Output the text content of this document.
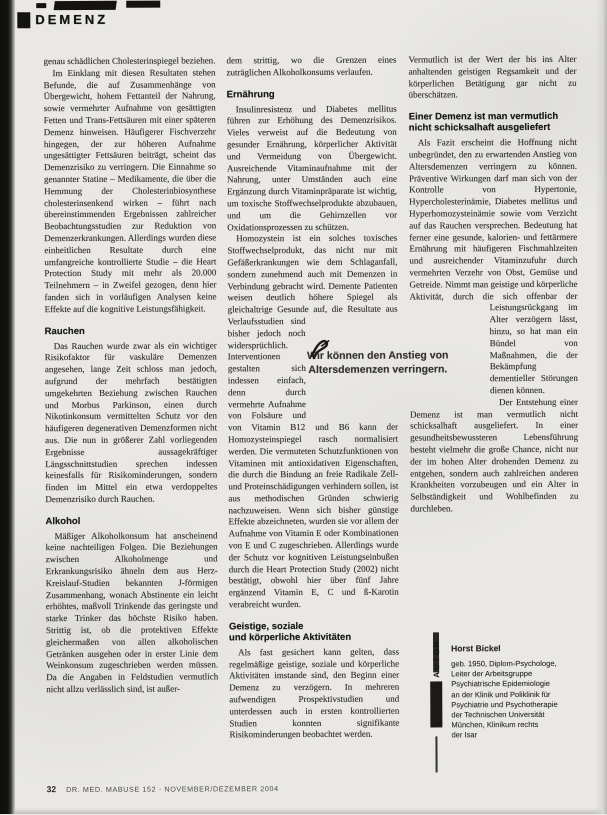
DEMENZ

genau schädlichen Cholesterinspiegel beziehen.

Im Einklang mit diesen Resultaten stehen Befunde, die auf Zusammenhänge von Übergewicht, hohem Fettanteil der Nahrung, sowie vermehrter Aufnahme von gesättigten Fetten und Trans-Fettsäuren mit einer späteren Demenz hinweisen. Häufigerer Fischverzehr hingegen, der zur höheren Aufnahme ungesättigter Fettsäuren beiträgt, scheint das Demenzrisiko zu verringern. Die Einnahme so genannter Statine – Medikamente, die über die Hemmung der Cholesterinbiosynthese cholesterinsenkend wirken – führt nach übereinstimmenden Ergebnissen zahlreicher Beobachtungsstudien zur Reduktion von Demenzerkrankungen. Allerdings wurden diese einheitlichen Resultate durch eine umfangreiche kontrollierte Studie – die Heart Protection Study mit mehr als 20.000 Teilnehmern – in Zweifel gezogen, denn hier fanden sich in vorläufigen Analysen keine Effekte auf die kognitive Leistungsfähigkeit.

Rauchen

Das Rauchen wurde zwar als ein wichtiger Risikofaktor für vaskuläre Demenzen angesehen, lange Zeit schloss man jedoch, aufgrund der mehrfach bestätigten umgekehrten Beziehung zwischen Rauchen und Morbus Parkinson, einen durch Nikotinkonsum vermittelten Schutz vor den häufigeren degenerativen Demenzformen nicht aus. Die nun in größerer Zahl vorliegenden Ergebnisse aussagekräftiger Längsschnittstudien sprechen indessen keinesfalls für Risikominderungen, sondern finden im Mittel ein etwa verdoppeltes Demenzrisiko durch Rauchen.

Alkohol

Mäßiger Alkoholkonsum hat anscheinend keine nachteiligen Folgen. Die Beziehungen zwischen Alkoholmenge und Erkrankungsrisiko ähneln dem aus Herz-Kreislauf-Studien bekannten J-förmigen Zusammenhang, wonach Abstinente ein leicht erhöhtes, maßvoll Trinkende das geringste und starke Trinker das höchste Risiko haben. Strittig ist, ob die protektiven Effekte gleichermaßen von allen alkoholischen Getränken ausgehen oder in erster Linie dem Weinkonsum zugeschrieben werden müssen. Da die Angaben in Feldstudien vermutlich nicht allzu verlässlich sind, ist außer-

dem strittig, wo die Grenzen eines zuträglichen Alkoholkonsums verlaufen.

Ernährung

Insulinresistenz und Diabetes mellitus führen zur Erhöhung des Demenzrisikos. Vieles verweist auf die Bedeutung von gesunder Ernährung, körperlicher Aktivität und Vermeidung von Übergewicht. Ausreichende Vitaminaufnahme mit der Nahrung, unter Umständen auch eine Ergänzung durch Vitaminpräparate ist wichtig, um toxische Stoffwechselprodukte abzubauen, und um die Gehirnzellen vor Oxidationsprozessen zu schützen.

Homozystein ist ein solches toxisches Stoffwechselprodukt, das nicht nur mit Gefäßerkrankungen wie dem Schlaganfall, sondern zunehmend auch mit Demenzen in Verbindung gebracht wird. Demente Patienten weisen deutlich höhere Spiegel als gleichaltrige Gesunde auf, die Resultate aus Verlaufsstudien sind bisher jedoch noch widersprüchlich. Interventionen gestalten sich indessen einfach, denn durch vermehrte Aufnahme von Folsäure und von Vitamin B12 und B6 kann der Homozysteinspiegel rasch normalisiert werden. Die vermuteten Schutzfunktionen von Vitaminen mit antioxidativen Eigenschaften, die durch die Bindung an freie Radikale Zell- und Proteinschädigungen verhindern sollen, ist aus methodischen Gründen schwierig nachzuweisen. Wenn sich bisher günstige Effekte abzeichneten, wurden sie vor allem der Aufnahme von Vitamin E oder Kombinationen von E und C zugeschrieben. Allerdings wurde der Schutz vor kognitiven Leistungseinbußen durch die Heart Protection Study (2002) nicht bestätigt, obwohl hier über fünf Jahre ergänzend Vitamin E, C und ß-Karotin verabreicht wurden.

Geistige, soziale
und körperliche Aktivitäten

Als fast gesichert kann gelten, dass regelmäßige geistige, soziale und körperliche Aktivitäten imstande sind, den Beginn einer Demenz zu verzögern. In mehreren aufwendigen Prospektivstudien und unterdessen auch in ersten kontrollierten Studien konnten signifikante Risikominderungen beobachtet werden.

Vermutlich ist der Wert der bis ins Alter anhaltenden geistigen Regsamkeit und der körperlichen Betätigung gar nicht zu überschätzen.

Einer Demenz ist man vermutlich
nicht schicksalhaft ausgeliefert

Als Fazit erscheint die Hoffnung nicht unbegründet, den zu erwartenden Anstieg von Altersdemenzen verringern zu können. Präventive Wirkungen darf man sich von der Kontrolle von Hypertonie, Hypercholesterinämie, Diabetes mellitus und Hyperhomozysteinämie sowie vom Verzicht auf das Rauchen versprechen. Bedeutung hat ferner eine gesunde, kalorien- und fettärmere Ernährung mit häufigeren Fischmahlzeiten und ausreichender Vitaminzufuhr durch vermehrten Verzehr von Obst, Gemüse und Getreide. Nimmt man geistige und körperliche Aktivität, durch die sich offenbar der Leistungsrückgang im Alter verzögern lässt, hinzu, so hat man ein Bündel von Maßnahmen, die der Bekämpfung dementieller Störungen dienen können.

Der Entstehung einer Demenz ist man vermutlich nicht schicksalhaft ausgeliefert. In einer gesundheitsbewussteren Lebensführung besteht vielmehr die große Chance, nicht nur der im hohen Alter drohenden Demenz zu entgehen, sondern auch zahlreichen anderen Krankheiten vorzubeugen und ein Alter in Selbständigkeit und Wohlbefinden zu durchleben.

Wir können den Anstieg von Altersdemenzen verringern.
AUTOR Horst Bickel
geb. 1950, Diplom-Psychologe,
Leiter der Arbeitsgruppe
Psychiatrische Epidemiologie
an der Klinik und Poliklinik für
Psychiatrie und Psychotherapie
der Technischen Universität
München, Klinikum rechts
der Isar
32 DR. MED. MABUSE 152 · NOVEMBER/DEZEMBER 2004
